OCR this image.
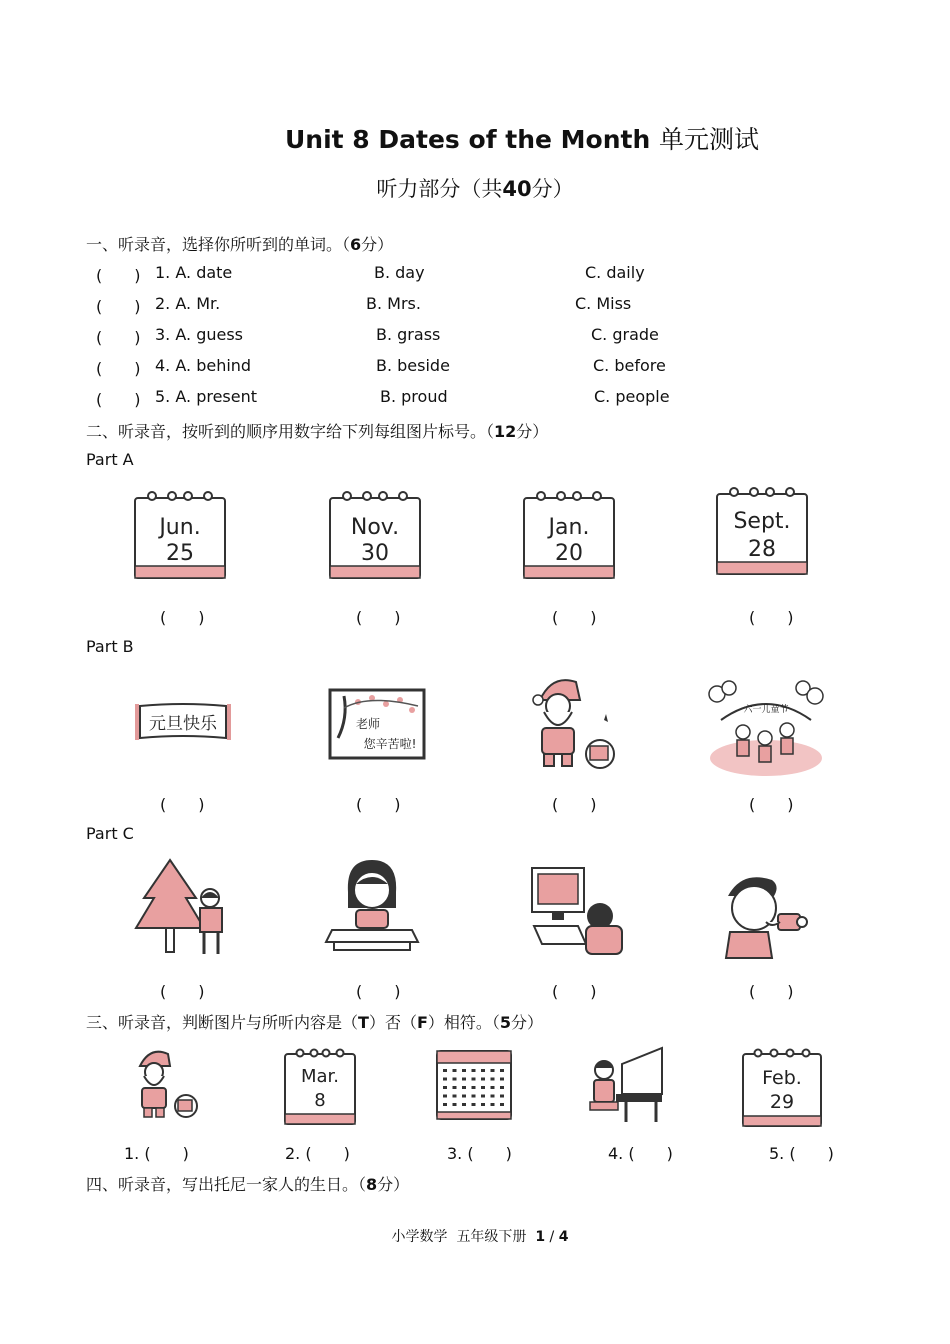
Unit 8 Dates of the Month 单元测试
听力部分（共40分）
一、听录音，选择你所听到的单词。（6分）
(　　) 1. A. date	B. day	C. daily
(　　) 2. A. Mr.	B. Mrs.	C. Miss
(　　) 3. A. guess	B. grass	C. grade
(　　) 4. A. behind	B. beside	C. before
(　　) 5. A. present	B. proud	C. people
二、听录音，按听到的顺序用数字给下列每组图片标号。（12分）
Part A
Jun.
25
Nov.
30
Jan.
20
Sept.
28
(　　)	(　　)	(　　)	(　　)
Part B
元旦快乐	老师
您辛苦啦!
六一儿童节
(　　)	(　　)	(　　)	(　　)
Part C
(　　)	(　　)	(　　)	(　　)
三、听录音，判断图片与所听内容是（T）否（F）相符。（5分）
Mar.
8
Feb.
29
1. (　　)	2. (　　)	3. (　　)	4. (　　)	5. (　　)
四、听录音，写出托尼一家人的生日。（8分）
小学数学 五年级下册 1 / 4
